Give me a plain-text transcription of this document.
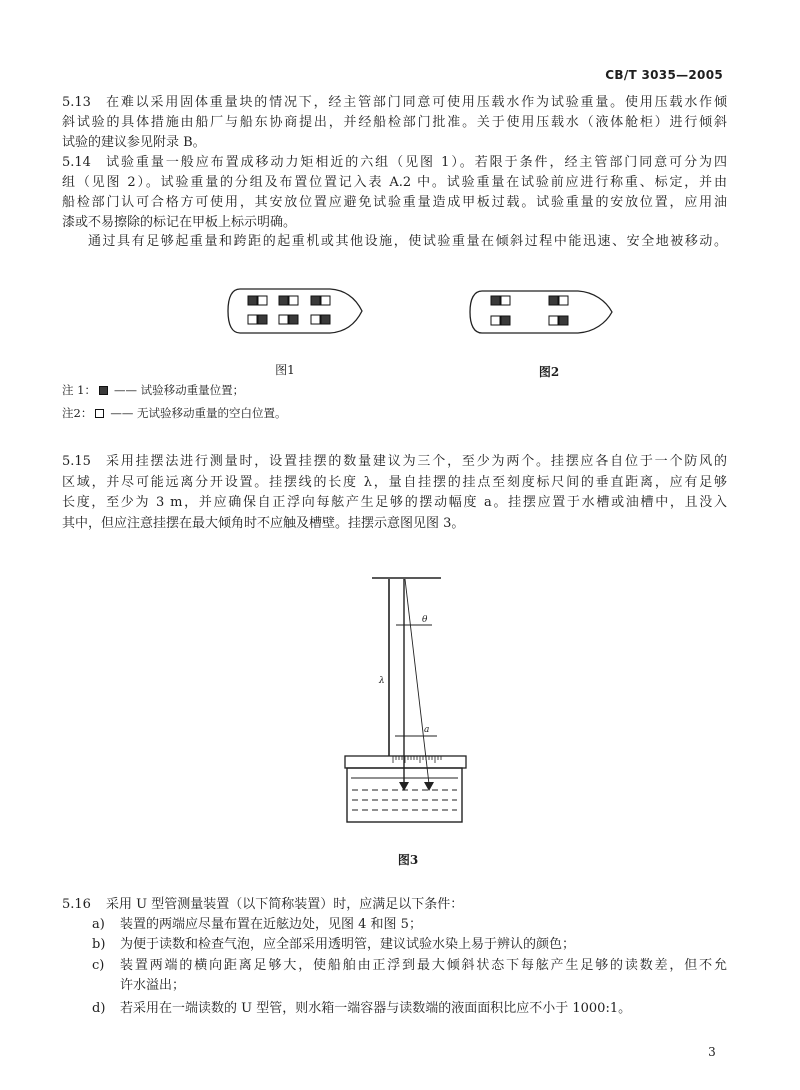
CB/T 3035—2005
5.13	在难以采用固体重量块的情况下，经主管部门同意可使用压载水作为试验重量。使用压载水作倾
斜试验的具体措施由船厂与船东协商提出，并经船检部门批准。关于使用压载水（液体舱柜）进行倾斜
试验的建议参见附录 B。
5.14	试验重量一般应布置成移动力矩相近的六组（见图 1）。若限于条件，经主管部门同意可分为四
组（见图 2）。试验重量的分组及布置位置记入表 A.2 中。试验重量在试验前应进行称重、标定，并由
船检部门认可合格方可使用，其安放位置应避免试验重量造成甲板过载。试验重量的安放位置，应用油
漆或不易擦除的标记在甲板上标示明确。
通过具有足够起重量和跨距的起重机或其他设施，使试验重量在倾斜过程中能迅速、安全地被移动。
图1	图2
注 1： —— 试验移动重量位置；
注2： —— 无试验移动重量的空白位置。
5.15	采用挂摆法进行测量时，设置挂摆的数量建议为三个，至少为两个。挂摆应各自位于一个防风的
区域，并尽可能远离分开设置。挂摆线的长度 λ，量自挂摆的挂点至刻度标尺间的垂直距离，应有足够
长度，至少为 3 m，并应确保自正浮向每舷产生足够的摆动幅度 a。挂摆应置于水槽或油槽中，且没入
其中，但应注意挂摆在最大倾角时不应触及槽壁。挂摆示意图见图 3。
θ
λ
a
图3
5.16	采用 U 型管测量装置（以下简称装置）时，应满足以下条件：
a)	装置的两端应尽量布置在近舷边处，见图 4 和图 5；
b)	为便于读数和检查气泡，应全部采用透明管，建议试验水染上易于辨认的颜色；
c)	装置两端的横向距离足够大，使船舶由正浮到最大倾斜状态下每舷产生足够的读数差，但不允
许水溢出；
d)	若采用在一端读数的 U 型管，则水箱一端容器与读数端的液面面积比应不小于 1000:1。
3
